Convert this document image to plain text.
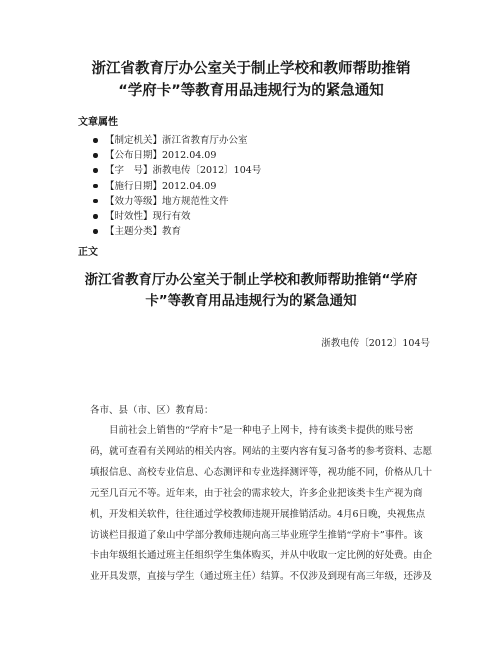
浙江省教育厅办公室关于制止学校和教师帮助推销
“学府卡”等教育用品违规行为的紧急通知
文章属性
【制定机关】浙江省教育厅办公室
【公布日期】2012.04.09
【字　号】浙教电传〔2012〕104号
【施行日期】2012.04.09
【效力等级】地方规范性文件
【时效性】现行有效
【主题分类】教育
正文
浙江省教育厅办公室关于制止学校和教师帮助推销“学府
卡”等教育用品违规行为的紧急通知
浙教电传〔2012〕104号
各市、县（市、区）教育局：
　　目前社会上销售的“学府卡”是一种电子上网卡，持有该类卡提供的账号密
码，就可查看有关网站的相关内容。网站的主要内容有复习备考的参考资料、志愿
填报信息、高校专业信息、心态测评和专业选择测评等，视功能不同，价格从几十
元至几百元不等。近年来，由于社会的需求较大，许多企业把该类卡生产视为商
机，开发相关软件，往往通过学校教师违规开展推销活动。4月6日晚，央视焦点
访谈栏目报道了象山中学部分教师违规向高三毕业班学生推销“学府卡”事件。该
卡由年级组长通过班主任组织学生集体购买，并从中收取一定比例的好处费。由企
业开具发票，直接与学生（通过班主任）结算。不仅涉及到现有高三年级，还涉及
